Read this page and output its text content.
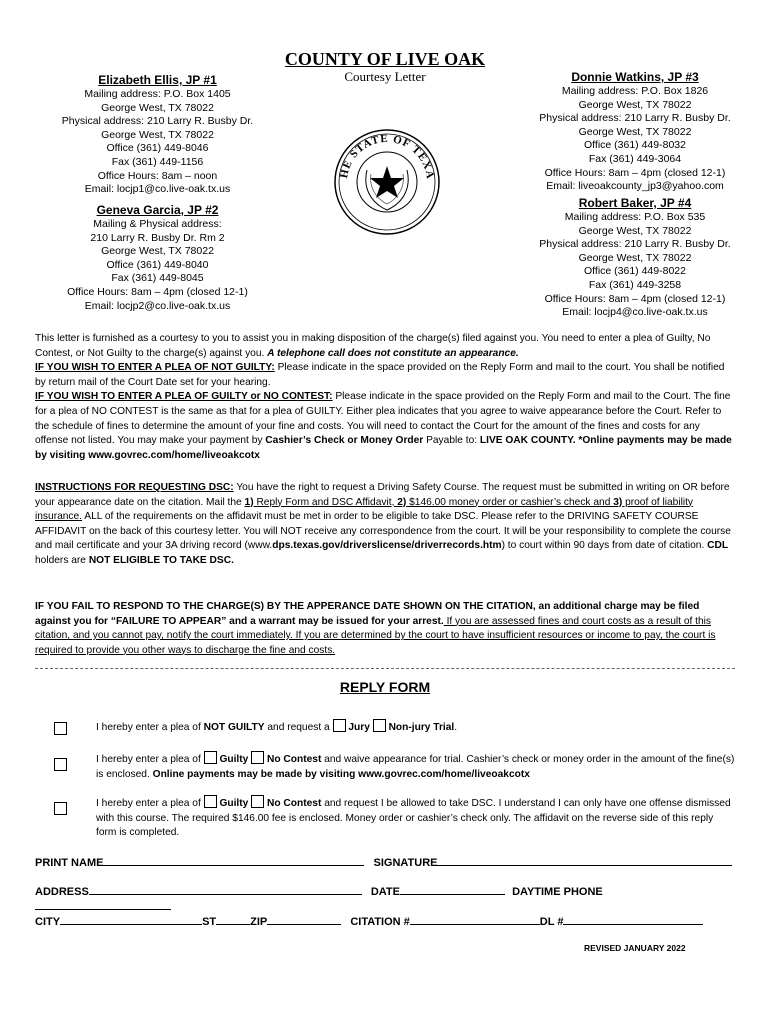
COUNTY OF LIVE OAK
Courtesy Letter
Elizabeth Ellis, JP #1
Mailing address: P.O. Box 1405
George West, TX 78022
Physical address: 210 Larry R. Busby Dr.
George West, TX 78022
Office (361) 449-8046
Fax (361) 449-1156
Office Hours: 8am – noon
Email: locjp1@co.live-oak.tx.us
Geneva Garcia, JP #2
Mailing & Physical address:
210 Larry R. Busby Dr. Rm 2
George West, TX 78022
Office (361) 449-8040
Fax (361) 449-8045
Office Hours: 8am – 4pm (closed 12-1)
Email: locjp2@co.live-oak.tx.us
Donnie Watkins, JP #3
Mailing address: P.O. Box 1826
George West, TX 78022
Physical address: 210 Larry R. Busby Dr.
George West, TX 78022
Office (361) 449-8032
Fax (361) 449-3064
Office Hours: 8am – 4pm (closed 12-1)
Email: liveoakcounty_jp3@yahoo.com
Robert Baker, JP #4
Mailing address: P.O. Box 535
George West, TX 78022
Physical address: 210 Larry R. Busby Dr.
George West, TX 78022
Office (361) 449-8022
Fax (361) 449-3258
Office Hours: 8am – 4pm (closed 12-1)
Email: locjp4@co.live-oak.tx.us
HE STATE OF TEXA

This letter is furnished as a courtesy to you to assist you in making disposition of the charge(s) filed against you. You need to enter a plea of Guilty, No Contest, or Not Guilty to the charge(s) against you. A telephone call does not constitute an appearance.

IF YOU WISH TO ENTER A PLEA OF NOT GUILTY: Please indicate in the space provided on the Reply Form and mail to the court. You shall be notified by return mail of the Court Date set for your hearing.

IF YOU WISH TO ENTER A PLEA OF GUILTY or NO CONTEST: Please indicate in the space provided on the Reply Form and mail to the Court. The fine for a plea of NO CONTEST is the same as that for a plea of GUILTY. Either plea indicates that you agree to waive appearance before the Court. Refer to the schedule of fines to determine the amount of your fine and costs. You will need to contact the Court for the amount of the fines and costs for any offense not listed. You may make your payment by Cashier’s Check or Money Order Payable to: LIVE OAK COUNTY. *Online payments may be made by visiting www.govrec.com/home/liveoakcotx

INSTRUCTIONS FOR REQUESTING DSC: You have the right to request a Driving Safety Course. The request must be submitted in writing on OR before your appearance date on the citation. Mail the 1) Reply Form and DSC Affidavit, 2) $146.00 money order or cashier’s check and 3) proof of liability insurance. ALL of the requirements on the affidavit must be met in order to be eligible to take DSC. Please refer to the DRIVING SAFETY COURSE AFFIDAVIT on the back of this courtesy letter. You will NOT receive any correspondence from the court. It will be your responsibility to complete the course and mail certificate and your 3A driving record (www.dps.texas.gov/driverslicense/driverrecords.htm) to court within 90 days from date of citation. CDL holders are NOT ELIGIBLE TO TAKE DSC.

IF YOU FAIL TO RESPOND TO THE CHARGE(S) BY THE APPERANCE DATE SHOWN ON THE CITATION, an additional charge may be filed against you for “FAILURE TO APPEAR” and a warrant may be issued for your arrest. If you are assessed fines and court costs as a result of this citation, and you cannot pay, notify the court immediately. If you are determined by the court to have insufficient resources or income to pay, the court is required to provide you other ways to discharge the fine and costs.

REPLY FORM
I hereby enter a plea of NOT GUILTY and request a  Jury Non-jury Trial.
I hereby enter a plea of  Guilty No Contest and waive appearance for trial. Cashier’s check or money order in the amount of the fine(s) is enclosed. Online payments may be made by visiting www.govrec.com/home/liveoakcotx
I hereby enter a plea of  Guilty No Contest and request I be allowed to take DSC. I understand I can only have one offense dismissed with this course. The required $146.00 fee is enclosed. Money order or cashier’s check only. The affidavit on the reverse side of this reply form is completed.
PRINT NAME	SIGNATURE
ADDRESS	DATE	DAYTIME PHONE
CITY	ST	ZIP	CITATION #	DL #
REVISED JANUARY 2022
